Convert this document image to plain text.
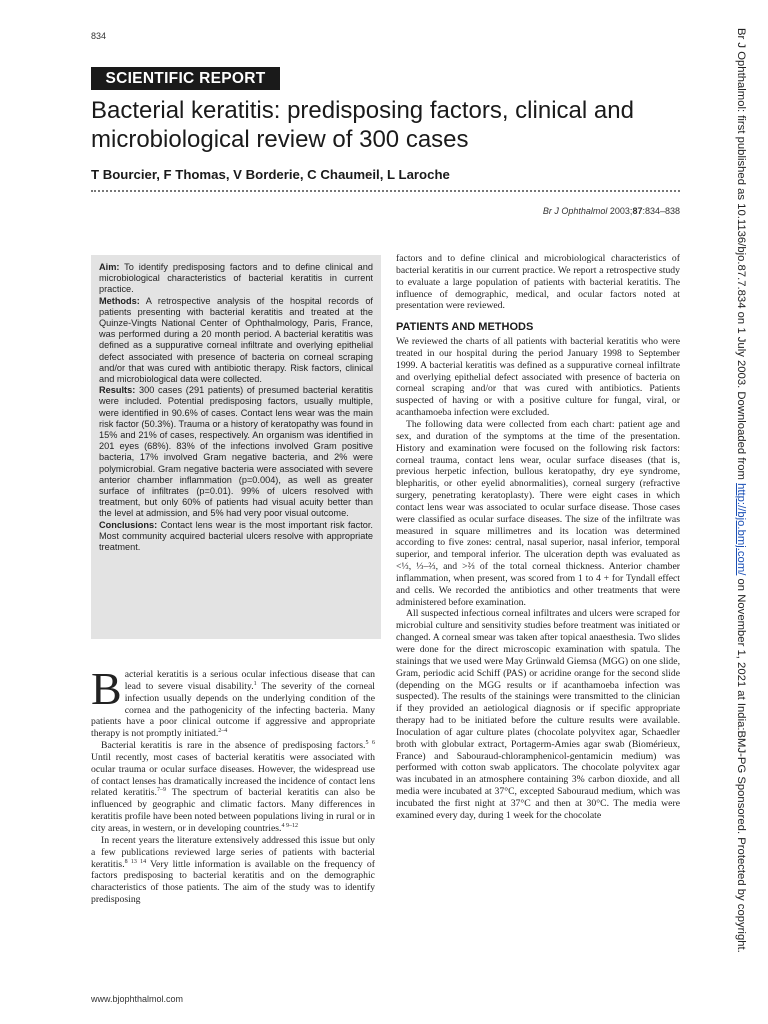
834
SCIENTIFIC REPORT
Bacterial keratitis: predisposing factors, clinical and microbiological review of 300 cases
T Bourcier, F Thomas, V Borderie, C Chaumeil, L Laroche
Br J Ophthalmol 2003;87:834–838

Aim: To identify predisposing factors and to define clinical and microbiological characteristics of bacterial keratitis in current practice.

Methods: A retrospective analysis of the hospital records of patients presenting with bacterial keratitis and treated at the Quinze-Vingts National Center of Ophthalmology, Paris, France, was performed during a 20 month period. A bacterial keratitis was defined as a suppurative corneal infiltrate and overlying epithelial defect associated with presence of bacteria on corneal scraping and/or that was cured with antibiotic therapy. Risk factors, clinical and microbiological data were collected.

Results: 300 cases (291 patients) of presumed bacterial keratitis were included. Potential predisposing factors, usually multiple, were identified in 90.6% of cases. Contact lens wear was the main risk factor (50.3%). Trauma or a history of keratopathy was found in 15% and 21% of cases, respectively. An organism was identified in 201 eyes (68%). 83% of the infections involved Gram positive bacteria, 17% involved Gram negative bacteria, and 2% were polymicrobial. Gram negative bacteria were associated with severe anterior chamber inflammation (p=0.004), as well as greater surface of infiltrates (p=0.01). 99% of ulcers resolved with treatment, but only 60% of patients had visual acuity better than the level at admission, and 5% had very poor visual outcome.

Conclusions: Contact lens wear is the most important risk factor. Most community acquired bacterial ulcers resolve with appropriate treatment.

Bacterial keratitis is a serious ocular infectious disease that can lead to severe visual disability.$^1$ The severity of the corneal infection usually depends on the underlying condition of the cornea and the pathogenicity of the infecting bacteria. Many patients have a poor clinical outcome if aggressive and appropriate therapy is not promptly initiated.$^{2-4}$

Bacterial keratitis is rare in the absence of predisposing factors.$^{5 6}$ Until recently, most cases of bacterial keratitis were associated with ocular trauma or ocular surface diseases. However, the widespread use of contact lenses has dramatically increased the incidence of contact lens related keratitis.$^{7-9}$ The spectrum of bacterial keratitis can also be influenced by geographic and climatic factors. Many differences in keratitis profile have been noted between populations living in rural or in city areas, in western, or in developing countries.$^{4 9-12}$

In recent years the literature extensively addressed this issue but only a few publications reviewed large series of patients with bacterial keratitis.$^{8 13 14}$ Very little information is available on the frequency of factors predisposing to bacterial keratitis and on the demographic characteristics of those patients. The aim of the study was to identify predisposing

factors and to define clinical and microbiological characteristics of bacterial keratitis in our current practice. We report a retrospective study to evaluate a large population of patients with bacterial keratitis. The influence of demographic, medical, and ocular factors noted at presentation were reviewed.

PATIENTS AND METHODS

We reviewed the charts of all patients with bacterial keratitis who were treated in our hospital during the period January 1998 to September 1999. A bacterial keratitis was defined as a suppurative corneal infiltrate and overlying epithelial defect associated with presence of bacteria on corneal scraping and/or that was cured with antibiotics. Patients suspected of having or with a positive culture for fungal, viral, or acanthamoeba infection were excluded.

The following data were collected from each chart: patient age and sex, and duration of the symptoms at the time of the presentation. History and examination were focused on the following risk factors: corneal trauma, contact lens wear, ocular surface diseases (that is, previous herpetic infection, bullous keratopathy, dry eye syndrome, blepharitis, or other eyelid abnormalities), corneal surgery (refractive surgery, penetrating keratoplasty). There were eight cases in which contact lens wear was associated to ocular surface disease. Those cases were classified as ocular surface diseases. The size of the infiltrate was measured in square millimetres and its location was determined according to five zones: central, nasal superior, nasal inferior, temporal superior, and temporal inferior. The ulceration depth was evaluated as <⅓, ⅓–⅔, and >⅔ of the total corneal thickness. Anterior chamber inflammation, when present, was scored from 1 to 4 + for Tyndall effect and cells. We recorded the antibiotics and other treatments that were administered before examination.

All suspected infectious corneal infiltrates and ulcers were scraped for microbial culture and sensitivity studies before treatment was initiated or changed. A corneal smear was taken after topical anaesthesia. Two slides were done for the direct microscopic examination with spatula. The stainings that we used were May Grünwald Giemsa (MGG) on one slide, Gram, periodic acid Schiff (PAS) or acridine orange for the second slide (depending on the MGG results or if acanthamoeba infection was suspected). The results of the stainings were transmitted to the clinician if they provided an aetiological diagnosis or if specific appropriate therapy had to be initiated before the culture results were available. Inoculation of agar culture plates (chocolate polyvitex agar, Schaedler broth with globular extract, Portagerm-Amies agar swab (Biomérieux, France) and Sabouraud-chloramphenicol-gentamicin medium) was performed with cotton swab applicators. The chocolate polyvitex agar was incubated in an atmosphere containing 3% carbon dioxide, and all media were incubated at 37°C, excepted Sabouraud medium, which was incubated the first night at 37°C and then at 30°C. The media were examined every day, during 1 week for the chocolate

www.bjophthalmol.com
Br J Ophthalmol: first published as 10.1136/bjo.87.7.834 on 1 July 2003. Downloaded from http://bjo.bmj.com/ on November 1, 2021 at India:BMJ-PG Sponsored. Protected by copyright.
